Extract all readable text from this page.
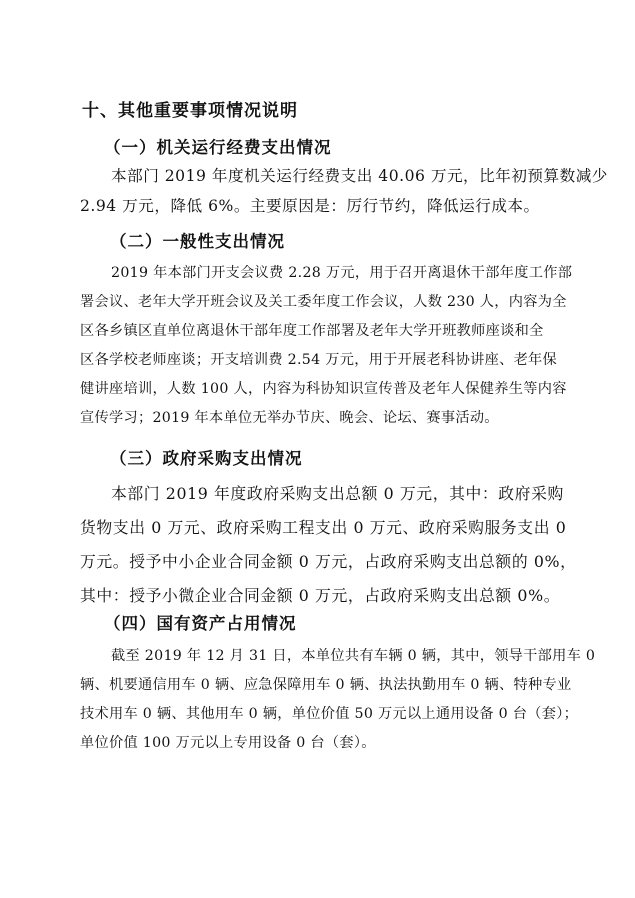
十、其他重要事项情况说明
（一）机关运行经费支出情况
本部门 2019 年度机关运行经费支出 40.06 万元，比年初预算数减少
2.94 万元，降低 6%。主要原因是：厉行节约，降低运行成本。
（二）一般性支出情况
2019 年本部门开支会议费 2.28 万元，用于召开离退休干部年度工作部
署会议、老年大学开班会议及关工委年度工作会议，人数 230 人，内容为全
区各乡镇区直单位离退休干部年度工作部署及老年大学开班教师座谈和全
区各学校老师座谈；开支培训费 2.54 万元，用于开展老科协讲座、老年保
健讲座培训，人数 100 人，内容为科协知识宣传普及老年人保健养生等内容
宣传学习；2019 年本单位无举办节庆、晚会、论坛、赛事活动。
（三）政府采购支出情况
本部门 2019 年度政府采购支出总额 0 万元，其中：政府采购
货物支出 0 万元、政府采购工程支出 0 万元、政府采购服务支出 0
万元。授予中小企业合同金额 0 万元，占政府采购支出总额的 0%，
其中：授予小微企业合同金额 0 万元，占政府采购支出总额 0%。
（四）国有资产占用情况
截至 2019 年 12 月 31 日，本单位共有车辆 0 辆，其中，领导干部用车 0
辆、机要通信用车 0 辆、应急保障用车 0 辆、执法执勤用车 0 辆、特种专业
技术用车 0 辆、其他用车 0 辆，单位价值 50 万元以上通用设备 0 台（套）；
单位价值 100 万元以上专用设备 0 台（套）。
